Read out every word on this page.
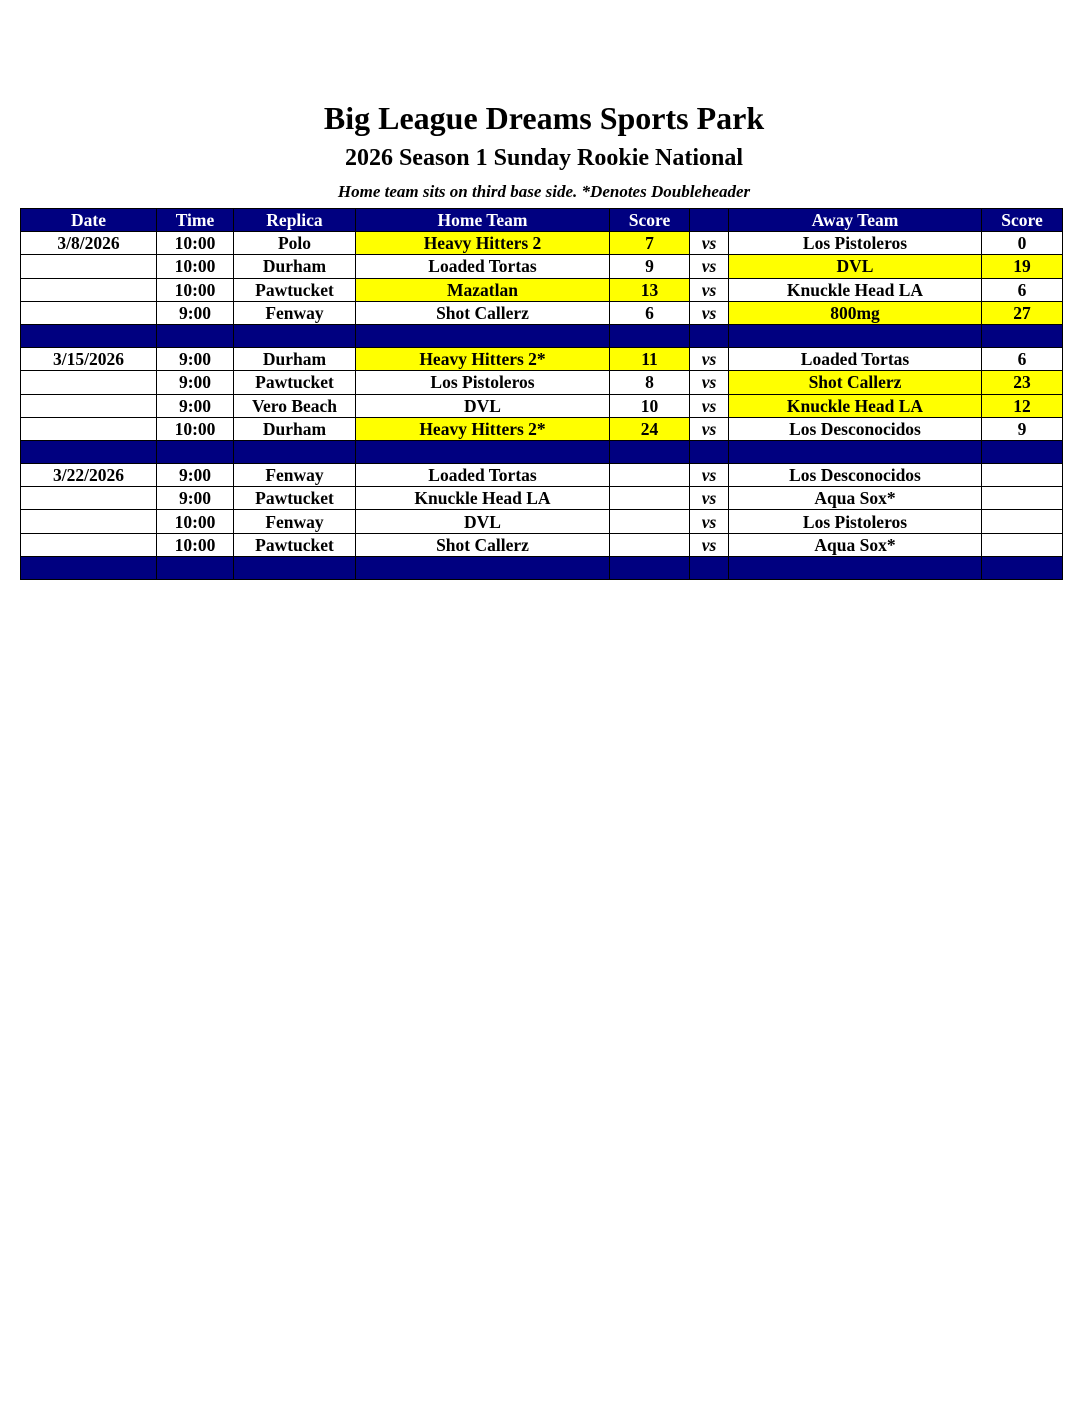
Big League Dreams Sports Park
2026 Season 1 Sunday Rookie National
Home team sits on third base side. *Denotes Doubleheader
Date	Time	Replica	Home Team	Score		Away Team	Score
3/8/2026	10:00	Polo	Heavy Hitters 2	7	vs	Los Pistoleros	0
	10:00	Durham	Loaded Tortas	9	vs	DVL	19
	10:00	Pawtucket	Mazatlan	13	vs	Knuckle Head LA	6
	9:00	Fenway	Shot Callerz	6	vs	800mg	27

3/15/2026	9:00	Durham	Heavy Hitters 2*	11	vs	Loaded Tortas	6
	9:00	Pawtucket	Los Pistoleros	8	vs	Shot Callerz	23
	9:00	Vero Beach	DVL	10	vs	Knuckle Head LA	12
	10:00	Durham	Heavy Hitters 2*	24	vs	Los Desconocidos	9

3/22/2026	9:00	Fenway	Loaded Tortas		vs	Los Desconocidos	
	9:00	Pawtucket	Knuckle Head LA		vs	Aqua Sox*	
	10:00	Fenway	DVL		vs	Los Pistoleros	
	10:00	Pawtucket	Shot Callerz		vs	Aqua Sox*	
